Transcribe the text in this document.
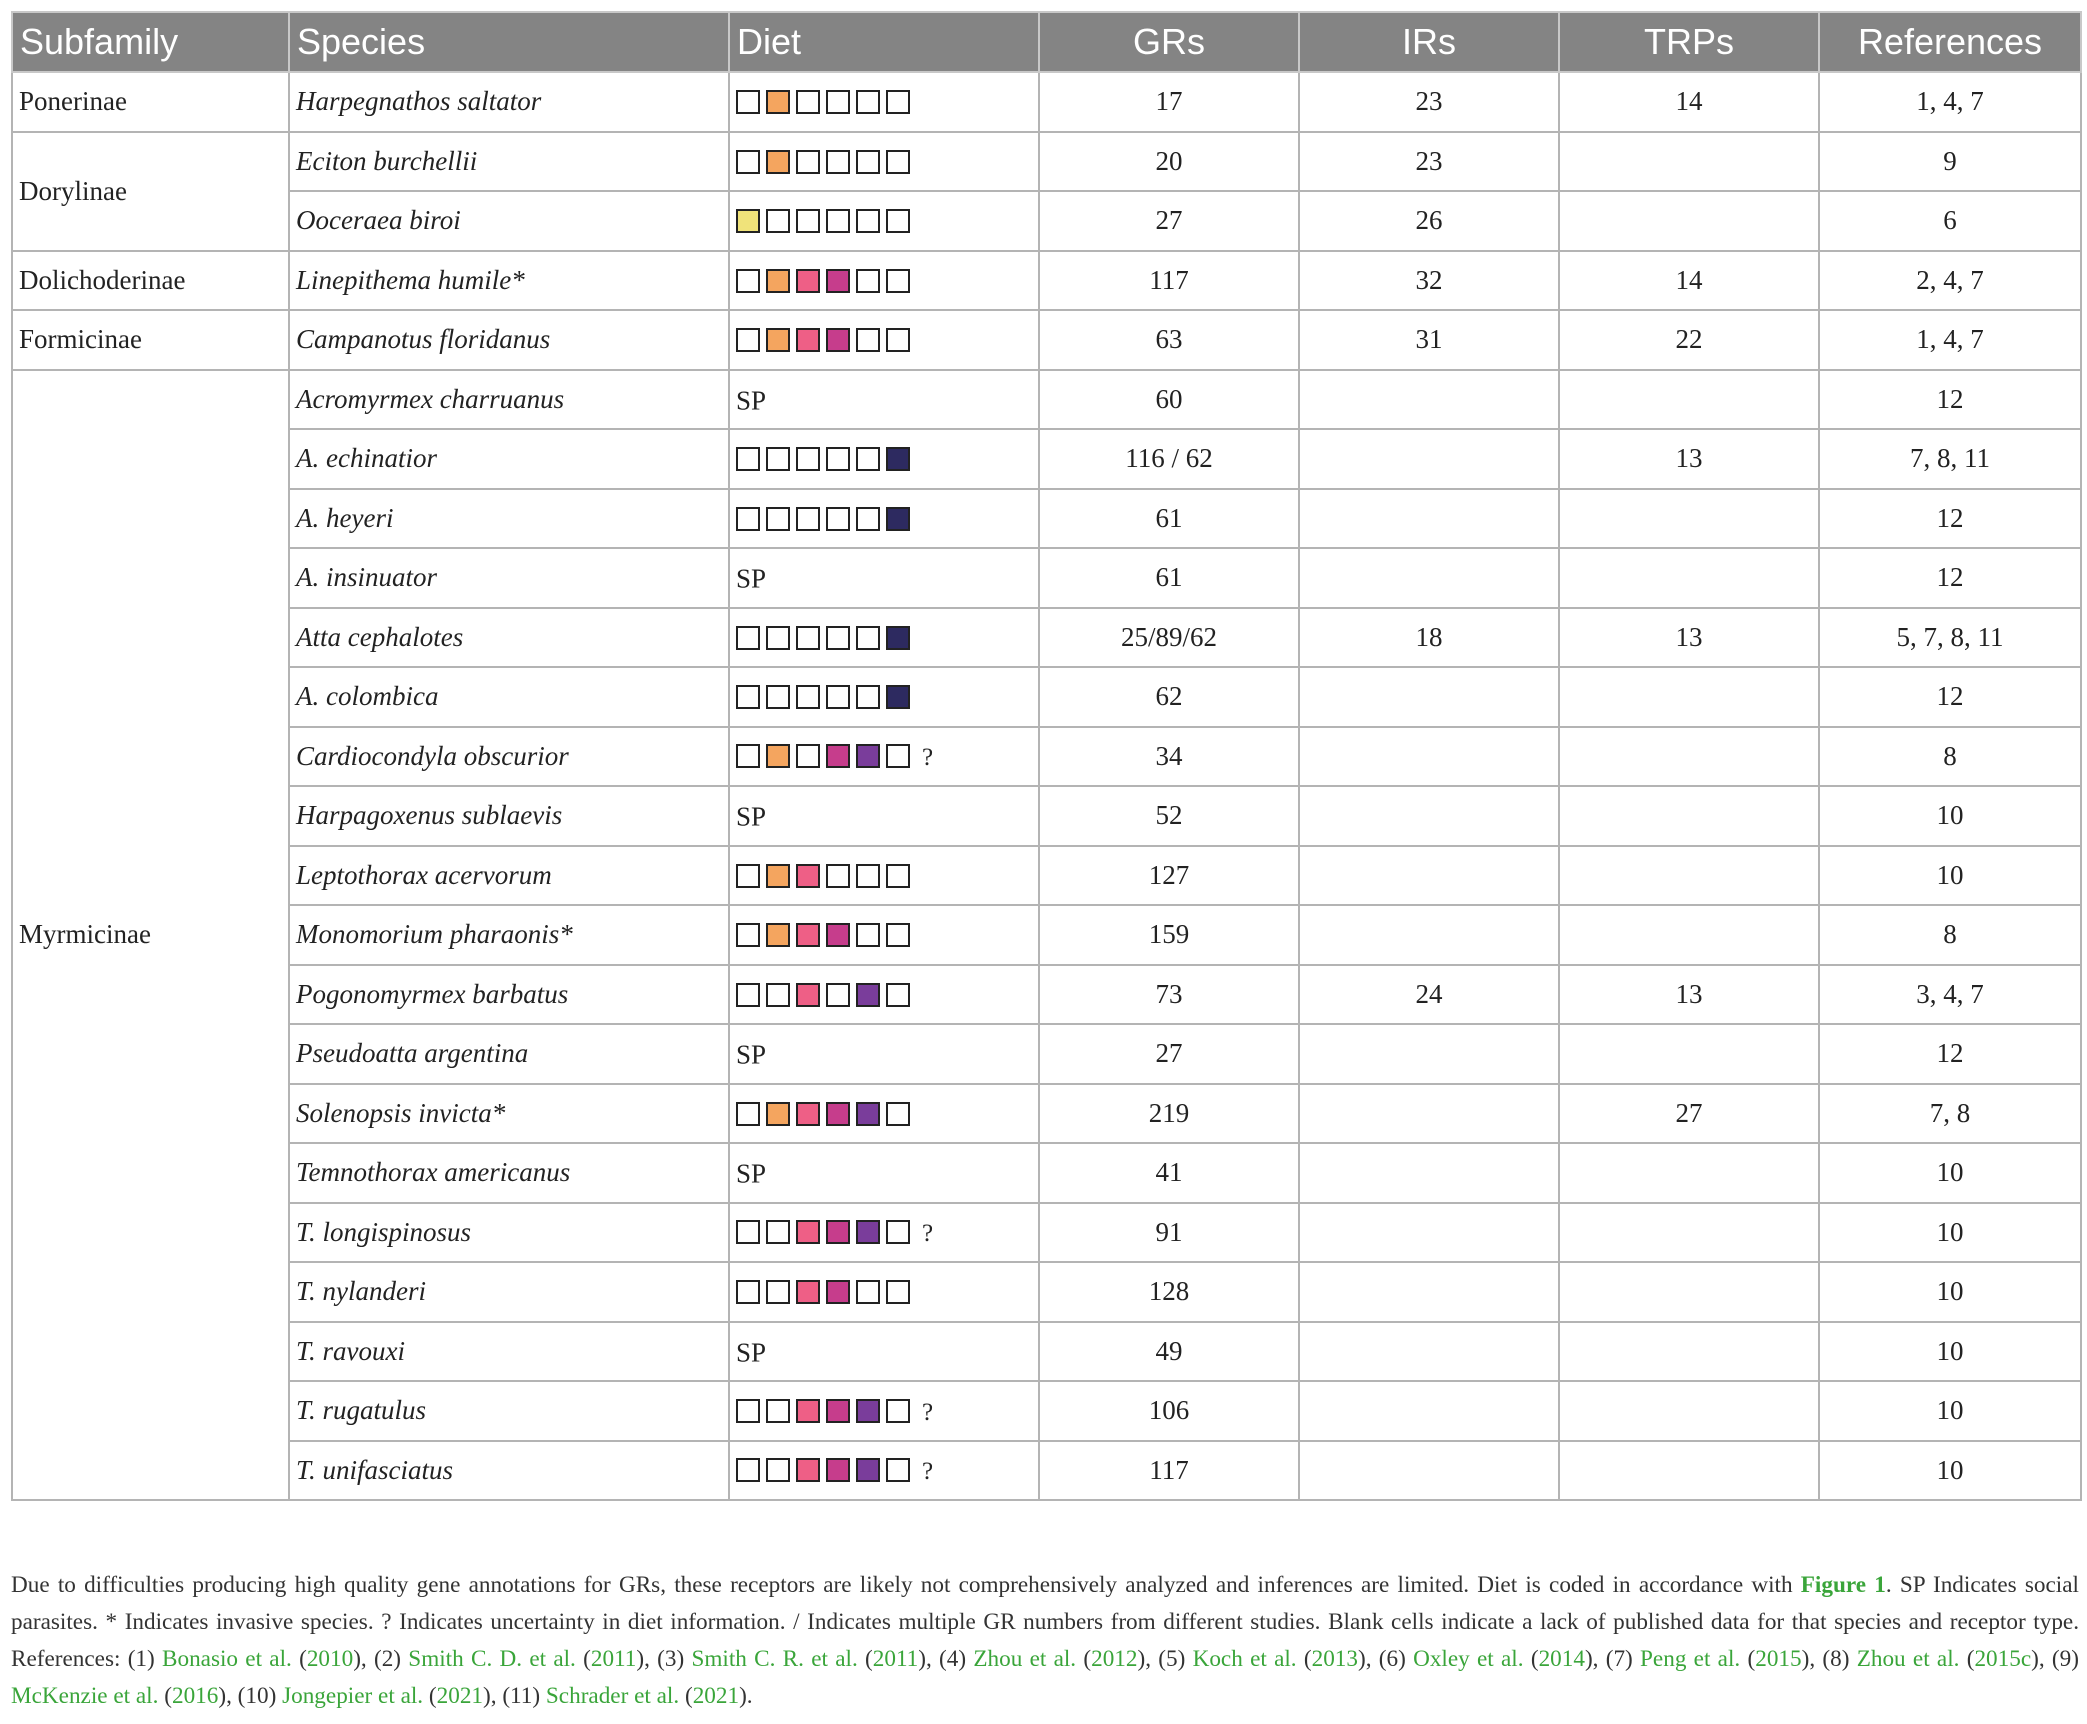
Subfamily	Species	Diet	GRs	IRs	TRPs	References
Ponerinae	Harpegnathos saltator		17	23	14	1, 4, 7
Dorylinae	Eciton burchellii		20	23		9
	Ooceraea biroi		27	26		6
Dolichoderinae	Linepithema humile*		117	32	14	2, 4, 7
Formicinae	Campanotus floridanus		63	31	22	1, 4, 7
Myrmicinae	Acromyrmex charruanus	SP	60			12
	A. echinatior		116 / 62		13	7, 8, 11
	A. heyeri		61			12
	A. insinuator	SP	61			12
	Atta cephalotes		25/89/62	18	13	5, 7, 8, 11
	A. colombica		62			12
	Cardiocondyla obscurior	?	34			8
	Harpagoxenus sublaevis	SP	52			10
	Leptothorax acervorum		127			10
	Monomorium pharaonis*		159			8
	Pogonomyrmex barbatus		73	24	13	3, 4, 7
	Pseudoatta argentina	SP	27			12
	Solenopsis invicta*		219		27	7, 8
	Temnothorax americanus	SP	41			10
	T. longispinosus	?	91			10
	T. nylanderi		128			10
	T. ravouxi	SP	49			10
	T. rugatulus	?	106			10
	T. unifasciatus	?	117			10
Due to difficulties producing high quality gene annotations for GRs, these receptors are likely not comprehensively analyzed and inferences are limited. Diet is coded in accordance with Figure 1. SP Indicates social parasites. * Indicates invasive species. ? Indicates uncertainty in diet information. / Indicates multiple GR numbers from different studies. Blank cells indicate a lack of published data for that species and receptor type. References: (1) Bonasio et al. (2010), (2) Smith C. D. et al. (2011), (3) Smith C. R. et al. (2011), (4) Zhou et al. (2012), (5) Koch et al. (2013), (6) Oxley et al. (2014), (7) Peng et al. (2015), (8) Zhou et al. (2015c), (9) McKenzie et al. (2016), (10) Jongepier et al. (2021), (11) Schrader et al. (2021).
